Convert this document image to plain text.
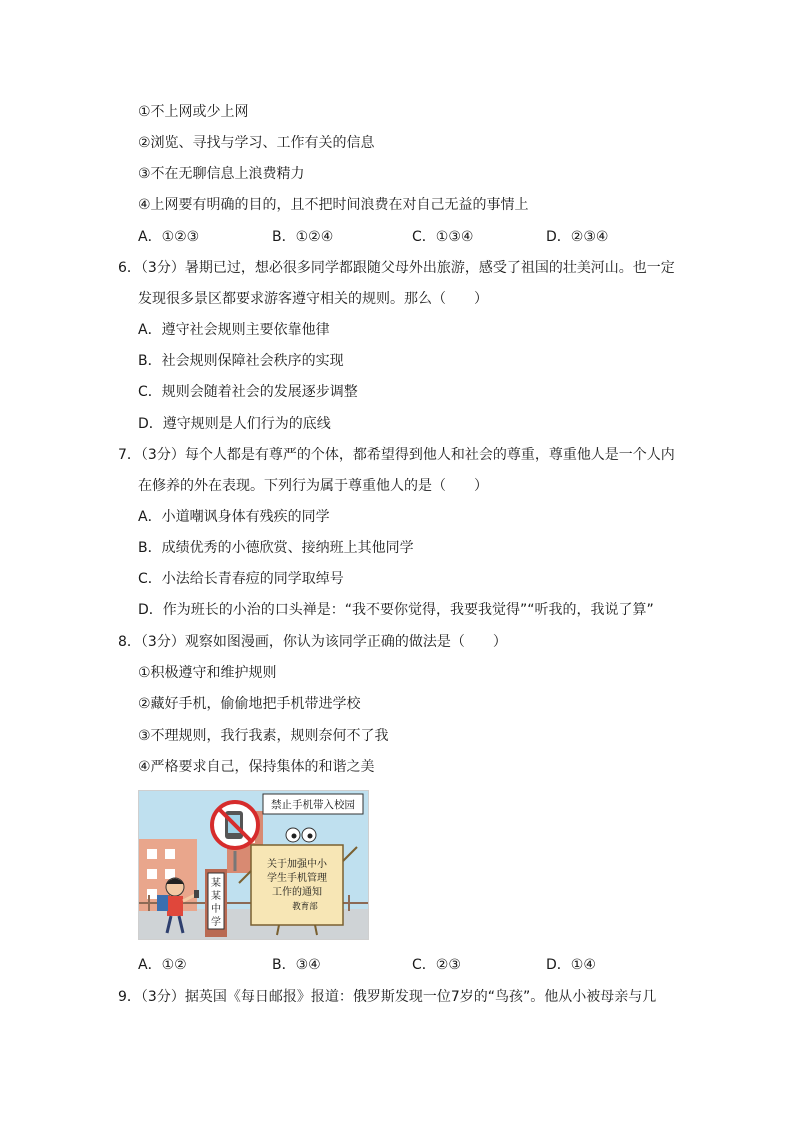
①不上网或少上网
②浏览、寻找与学习、工作有关的信息
③不在无聊信息上浪费精力
④上网要有明确的目的，且不把时间浪费在对自己无益的事情上
A．①②③	B．①②④	C．①③④	D．②③④
6．（3分）暑期已过，想必很多同学都跟随父母外出旅游，感受了祖国的壮美河山。也一定
发现很多景区都要求游客遵守相关的规则。那么（　　）
A．遵守社会规则主要依靠他律
B．社会规则保障社会秩序的实现
C．规则会随着社会的发展逐步调整
D．遵守规则是人们行为的底线
7．（3分）每个人都是有尊严的个体，都希望得到他人和社会的尊重，尊重他人是一个人内
在修养的外在表现。下列行为属于尊重他人的是（　　）
A．小道嘲讽身体有残疾的同学
B．成绩优秀的小德欣赏、接纳班上其他同学
C．小法给长青春痘的同学取绰号
D．作为班长的小治的口头禅是：“我不要你觉得，我要我觉得”“听我的，我说了算”
8．（3分）观察如图漫画，你认为该同学正确的做法是（　　）
①积极遵守和维护规则
②藏好手机，偷偷地把手机带进学校
③不理规则，我行我素，规则奈何不了我
④严格要求自己，保持集体的和谐之美
禁止手机带入校园
某
某
中
学
关于加强中小
学生手机管理
工作的通知
教育部
A．①②	B．③④	C．②③	D．①④
9．（3分）据英国《每日邮报》报道：俄罗斯发现一位7岁的“鸟孩”。他从小被母亲与几
